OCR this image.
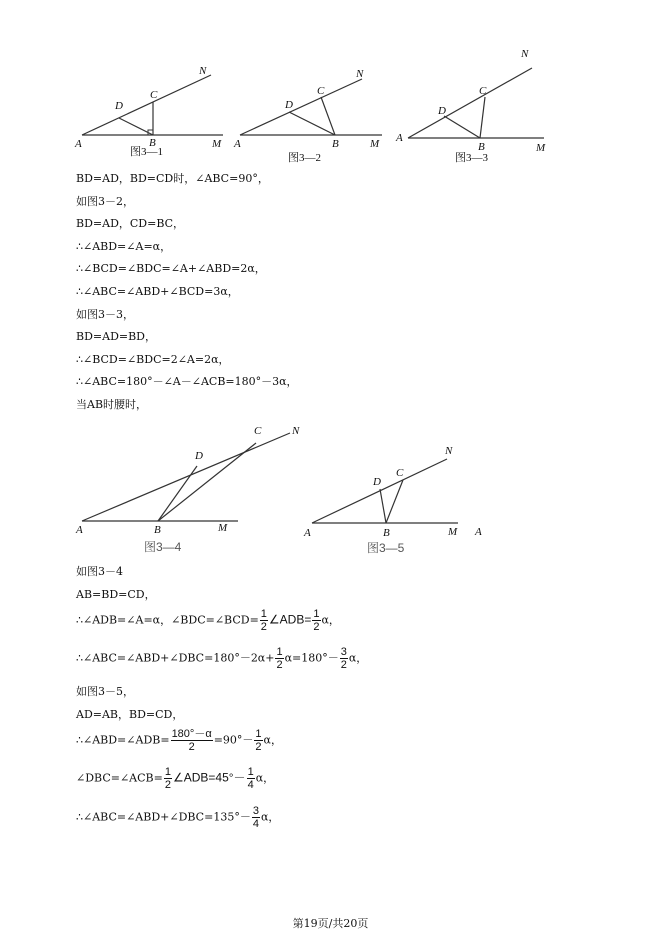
A	B
C
D
M
N
图3—1
A	B
C
D
M
N
图3—2
A
B
C
D
M
N
图3—3
BD=AD，BD=CD时，∠ABC=90°，
如图3－2，
BD=AD，CD=BC，
∴∠ABD=∠A=α，
∴∠BCD=∠BDC=∠A+∠ABD=2α，
∴∠ABC=∠ABD+∠BCD=3α，
如图3－3，
BD=AD=BD，
∴∠BCD=∠BDC=2∠A=2α，
∴∠ABC=180°－∠A－∠ACB=180°－3α，
当AB时腰时，
A	B
C
D
M
N
图3—4
A	B
C
D
M
N
A
图3—5
如图3－4
AB=BD=CD，
∴∠ADB=∠A=α，∠BDC=∠BCD= $\frac{1}{2}$ ∠ADB= $\frac{1}{2}$ α，
∴∠ABC=∠ABD+∠DBC=180°－2α+ $\frac{1}{2} \alpha=180^\circ- \frac{3}{2}$ α，
如图3－5，
AD=AB，BD=CD，
∴∠ABD=∠ADB= $\frac{180^\circ-\alpha}{2} =90^\circ- \frac{1}{2}$ α，
∠DBC=∠ACB= $\frac{1}{2}$ ∠ADB=45°－ $\frac{1}{4}$ α，
∴∠ABC=∠ABD+∠DBC=135°－ $\frac{3}{4}$ α，
第19页/共20页
